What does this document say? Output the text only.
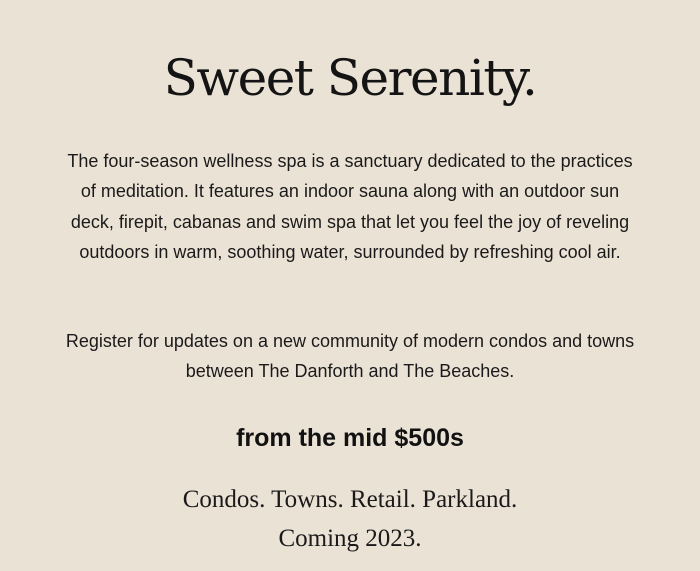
Sweet Serenity.

The four-season wellness spa is a sanctuary dedicated to the practices of meditation. It features an indoor sauna along with an outdoor sun deck, firepit, cabanas and swim spa that let you feel the joy of reveling outdoors in warm, soothing water, surrounded by refreshing cool air.

Register for updates on a new community of modern condos and towns between The Danforth and The Beaches.

from the mid $500s

Condos. Towns. Retail. Parkland.

Coming 2023.
